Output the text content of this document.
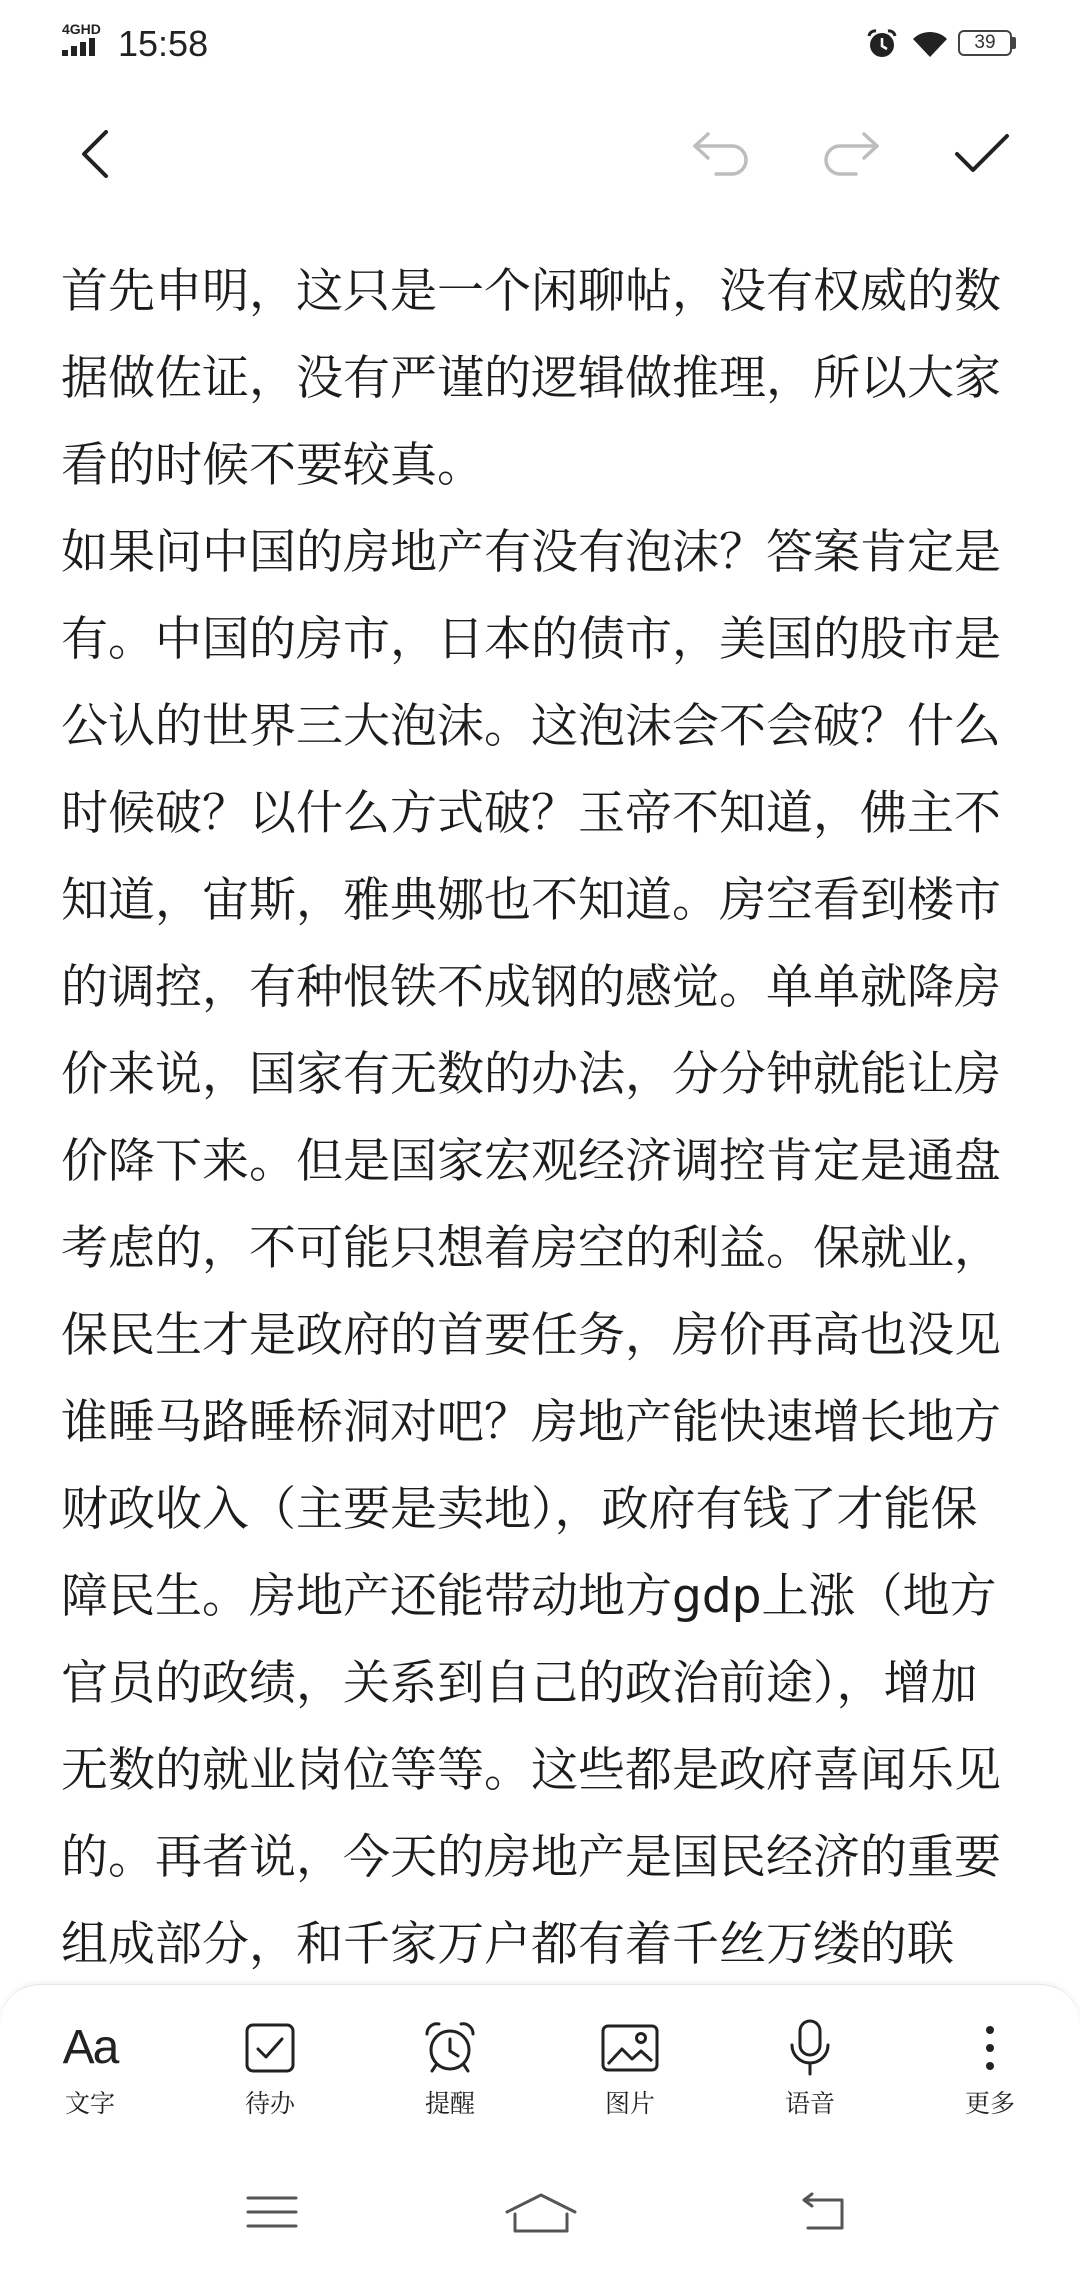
4GHD 15:58	39
首先申明，这只是一个闲聊帖，没有权威的数
据做佐证，没有严谨的逻辑做推理，所以大家
看的时候不要较真。
如果问中国的房地产有没有泡沫？答案肯定是
有。中国的房市，日本的债市，美国的股市是
公认的世界三大泡沫。这泡沫会不会破？什么
时候破？以什么方式破？玉帝不知道，佛主不
知道，宙斯，雅典娜也不知道。房空看到楼市
的调控，有种恨铁不成钢的感觉。单单就降房
价来说，国家有无数的办法，分分钟就能让房
价降下来。但是国家宏观经济调控肯定是通盘
考虑的，不可能只想着房空的利益。保就业，
保民生才是政府的首要任务，房价再高也没见
谁睡马路睡桥洞对吧？房地产能快速增长地方
财政收入（主要是卖地），政府有钱了才能保
障民生。房地产还能带动地方gdp上涨（地方
官员的政绩，关系到自己的政治前途），增加
无数的就业岗位等等。这些都是政府喜闻乐见
的。再者说，今天的房地产是国民经济的重要
组成部分，和千家万户都有着千丝万缕的联
Aa
文字	待办	提醒	图片	语音	更多
